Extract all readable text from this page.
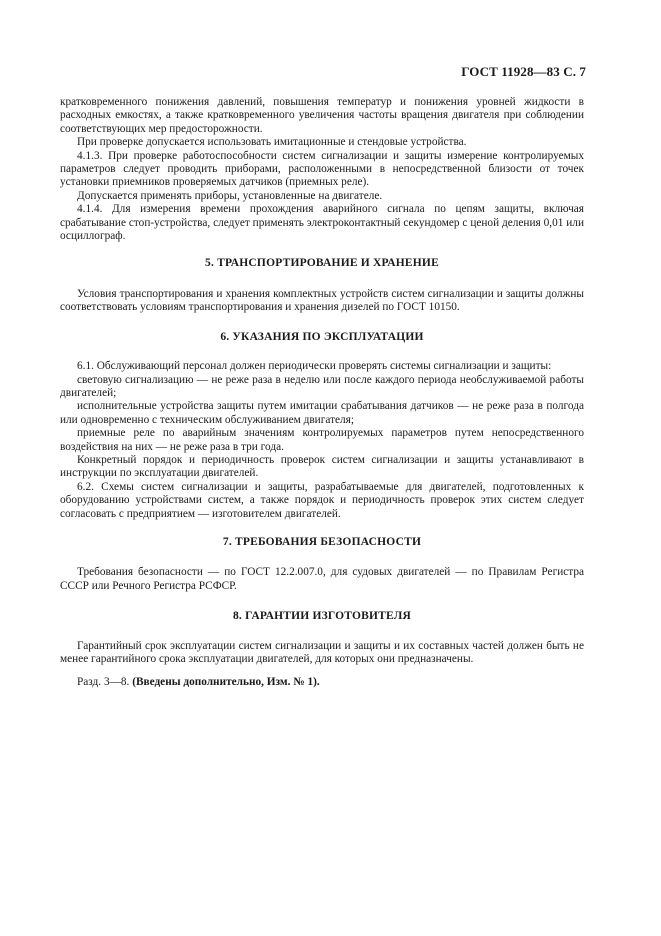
ГОСТ 11928—83 С. 7

кратковременного понижения давлений, повышения температур и понижения уровней жидкости в расходных емкостях, а также кратковременного увеличения частоты вращения двигателя при соблюдении соответствующих мер предосторожности.

При проверке допускается использовать имитационные и стендовые устройства.

4.1.3. При проверке работоспособности систем сигнализации и защиты измерение контролируемых параметров следует проводить приборами, расположенными в непосредственной близости от точек установки приемников проверяемых датчиков (приемных реле).

Допускается применять приборы, установленные на двигателе.

4.1.4. Для измерения времени прохождения аварийного сигнала по цепям защиты, включая срабатывание стоп-устройства, следует применять электроконтактный секундомер с ценой деления 0,01 или осциллограф.

5. ТРАНСПОРТИРОВАНИЕ И ХРАНЕНИЕ

Условия транспортирования и хранения комплектных устройств систем сигнализации и защиты должны соответствовать условиям транспортирования и хранения дизелей по ГОСТ 10150.

6. УКАЗАНИЯ ПО ЭКСПЛУАТАЦИИ

6.1. Обслуживающий персонал должен периодически проверять системы сигнализации и защиты:

световую сигнализацию — не реже раза в неделю или после каждого периода необслуживаемой работы двигателей;

исполнительные устройства защиты путем имитации срабатывания датчиков — не реже раза в полгода или одновременно с техническим обслуживанием двигателя;

приемные реле по аварийным значениям контролируемых параметров путем непосредственного воздействия на них — не реже раза в три года.

Конкретный порядок и периодичность проверок систем сигнализации и защиты устанавливают в инструкции по эксплуатации двигателей.

6.2. Схемы систем сигнализации и защиты, разрабатываемые для двигателей, подготовленных к оборудованию устройствами систем, а также порядок и периодичность проверок этих систем следует согласовать с предприятием — изготовителем двигателей.

7. ТРЕБОВАНИЯ БЕЗОПАСНОСТИ

Требования безопасности — по ГОСТ 12.2.007.0, для судовых двигателей — по Правилам Регистра СССР или Речного Регистра РСФСР.

8. ГАРАНТИИ ИЗГОТОВИТЕЛЯ

Гарантийный срок эксплуатации систем сигнализации и защиты и их составных частей должен быть не менее гарантийного срока эксплуатации двигателей, для которых они предназначены.

Разд. 3—8. (Введены дополнительно, Изм. № 1).
